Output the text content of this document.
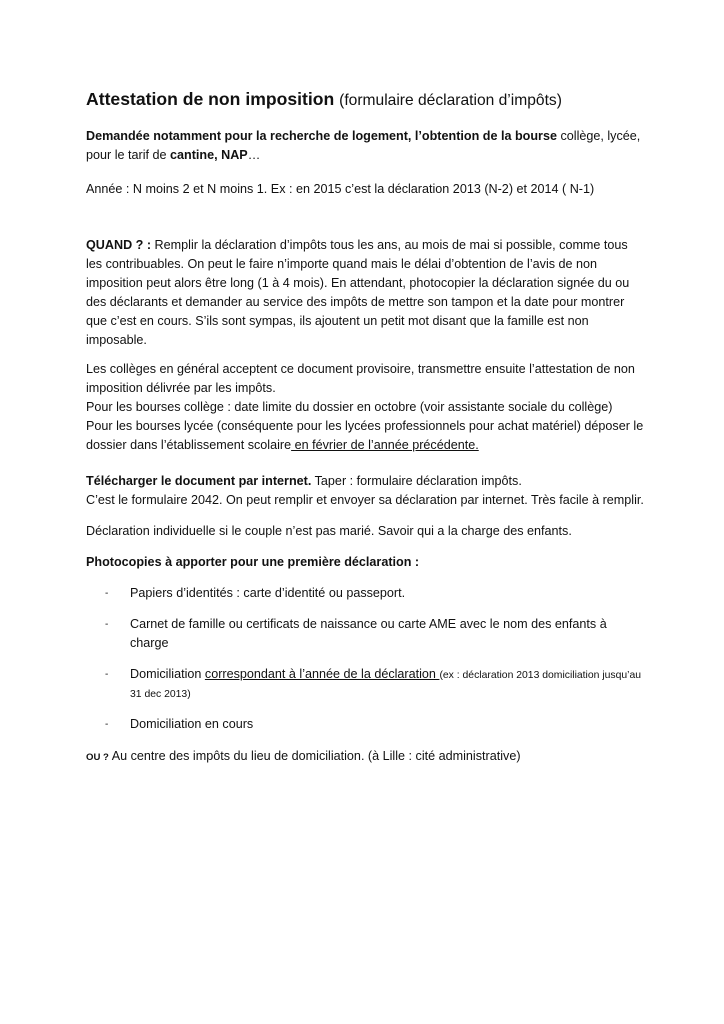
Attestation de non imposition (formulaire déclaration d’impôts)

Demandée notamment pour la recherche de logement, l’obtention de la bourse collège, lycée, pour le tarif de cantine, NAP…

Année : N moins 2 et N moins 1. Ex : en 2015 c’est la déclaration 2013 (N-2) et 2014 ( N-1)

QUAND ? : Remplir la déclaration d’impôts tous les ans, au mois de mai si possible, comme tous les contribuables. On peut le faire n’importe quand mais le délai d’obtention de l’avis de non imposition peut alors être long (1 à 4 mois). En attendant, photocopier la déclaration signée du ou des déclarants et demander au service des impôts de mettre son tampon et la date pour montrer que c’est en cours. S’ils sont sympas, ils ajoutent un petit mot disant que la famille est non imposable.

Les collèges en général acceptent ce document provisoire, transmettre ensuite l’attestation de non imposition délivrée par les impôts.
Pour les bourses collège : date limite du dossier en octobre (voir assistante sociale du collège)
Pour les bourses lycée (conséquente pour les lycées professionnels pour achat matériel) déposer le dossier dans l’établissement scolaire en février de l’année précédente.

Télécharger le document par internet. Taper : formulaire déclaration impôts.
C’est le formulaire 2042. On peut remplir et envoyer sa déclaration par internet. Très facile à remplir.

Déclaration individuelle si le couple n’est pas marié. Savoir qui a la charge des enfants.

Photocopies à apporter pour une première déclaration :

- Papiers d’identités : carte d’identité ou passeport.
- Carnet de famille ou certificats de naissance ou carte AME avec le nom des enfants à charge
- Domiciliation correspondant à l’année de la déclaration (ex : déclaration 2013 domiciliation jusqu’au 31 dec 2013)
- Domiciliation en cours

OU ? Au centre des impôts du lieu de domiciliation. (à Lille : cité administrative)
